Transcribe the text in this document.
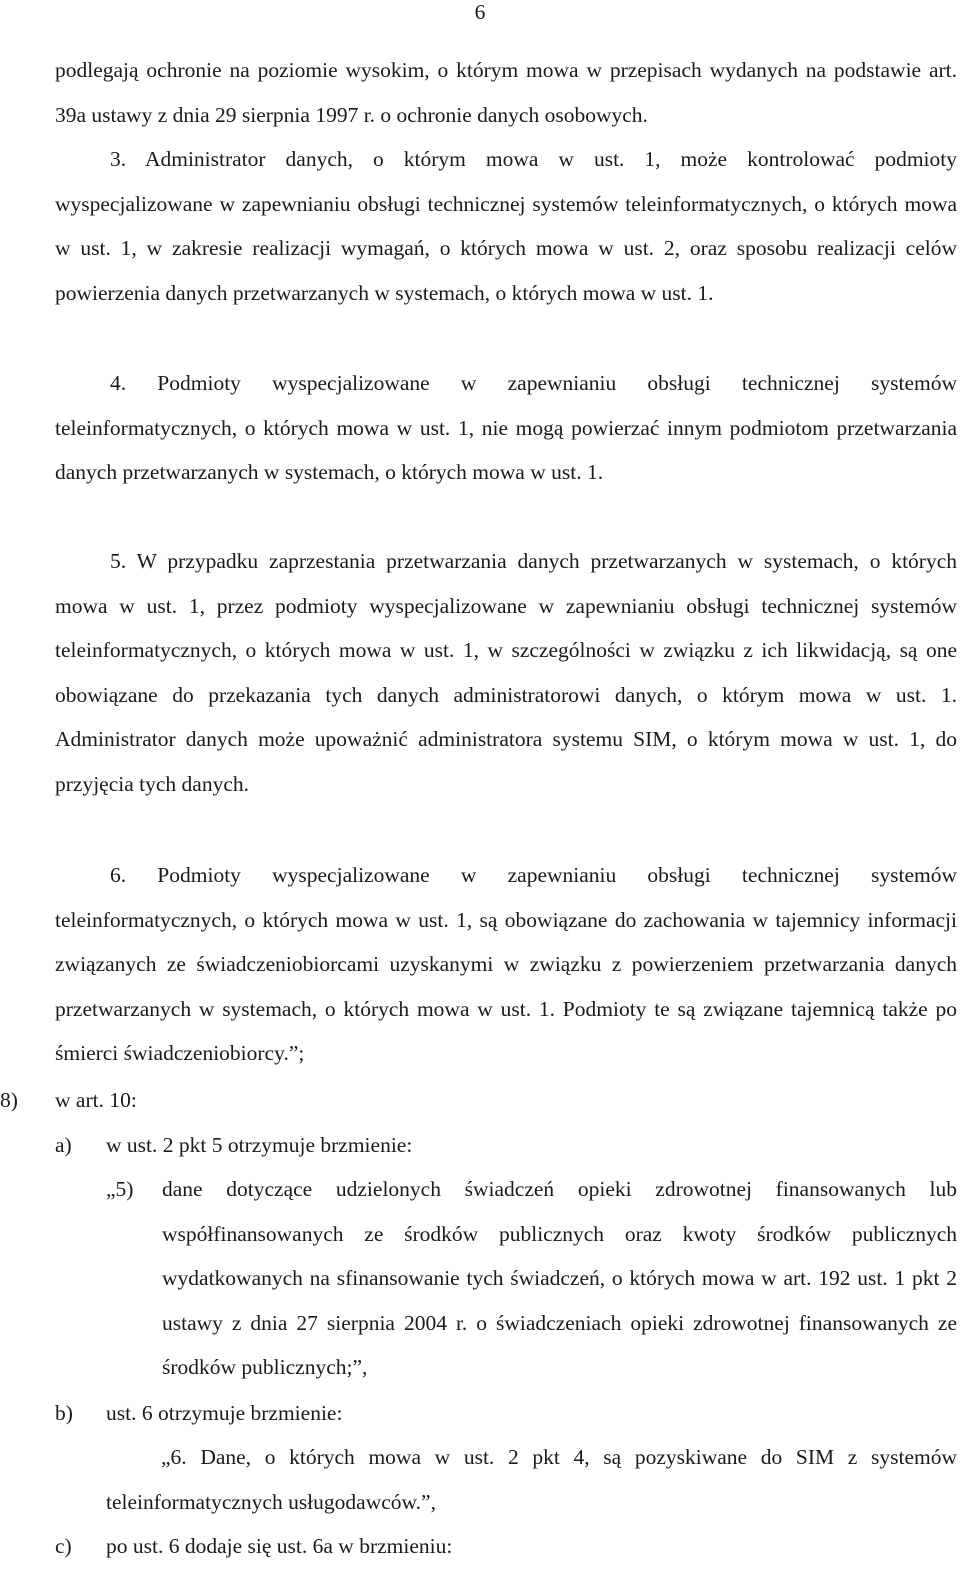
6

podlegają ochronie na poziomie wysokim, o którym mowa w przepisach wydanych na podstawie art. 39a ustawy z dnia 29 sierpnia 1997 r. o ochronie danych osobowych.

3. Administrator danych, o którym mowa w ust. 1, może kontrolować podmioty wyspecjalizowane w zapewnianiu obsługi technicznej systemów teleinformatycznych, o których mowa w ust. 1, w zakresie realizacji wymagań, o których mowa w ust. 2, oraz sposobu realizacji celów powierzenia danych przetwarzanych w systemach, o których mowa w ust. 1.

4. Podmioty wyspecjalizowane w zapewnianiu obsługi technicznej systemów teleinformatycznych, o których mowa w ust. 1, nie mogą powierzać innym podmiotom przetwarzania danych przetwarzanych w systemach, o których mowa w ust. 1.

5. W przypadku zaprzestania przetwarzania danych przetwarzanych w systemach, o których mowa w ust. 1, przez podmioty wyspecjalizowane w zapewnianiu obsługi technicznej systemów teleinformatycznych, o których mowa w ust. 1, w szczególności w związku z ich likwidacją, są one obowiązane do przekazania tych danych administratorowi danych, o którym mowa w ust. 1. Administrator danych może upoważnić administratora systemu SIM, o którym mowa w ust. 1, do przyjęcia tych danych.

6. Podmioty wyspecjalizowane w zapewnianiu obsługi technicznej systemów teleinformatycznych, o których mowa w ust. 1, są obowiązane do zachowania w tajemnicy informacji związanych ze świadczeniobiorcami uzyskanymi w związku z powierzeniem przetwarzania danych przetwarzanych w systemach, o których mowa w ust. 1. Podmioty te są związane tajemnicą także po śmierci świadczeniobiorcy.”;

8) w art. 10:
a) w ust. 2 pkt 5 otrzymuje brzmienie:
„5) dane dotyczące udzielonych świadczeń opieki zdrowotnej finansowanych lub współfinansowanych ze środków publicznych oraz kwoty środków publicznych wydatkowanych na sfinansowanie tych świadczeń, o których mowa w art. 192 ust. 1 pkt 2 ustawy z dnia 27 sierpnia 2004 r. o świadczeniach opieki zdrowotnej finansowanych ze środków publicznych;”,

b) ust. 6 otrzymuje brzmienie:

„6. Dane, o których mowa w ust. 2 pkt 4, są pozyskiwane do SIM z systemów teleinformatycznych usługodawców.”,

c) po ust. 6 dodaje się ust. 6a w brzmieniu:
